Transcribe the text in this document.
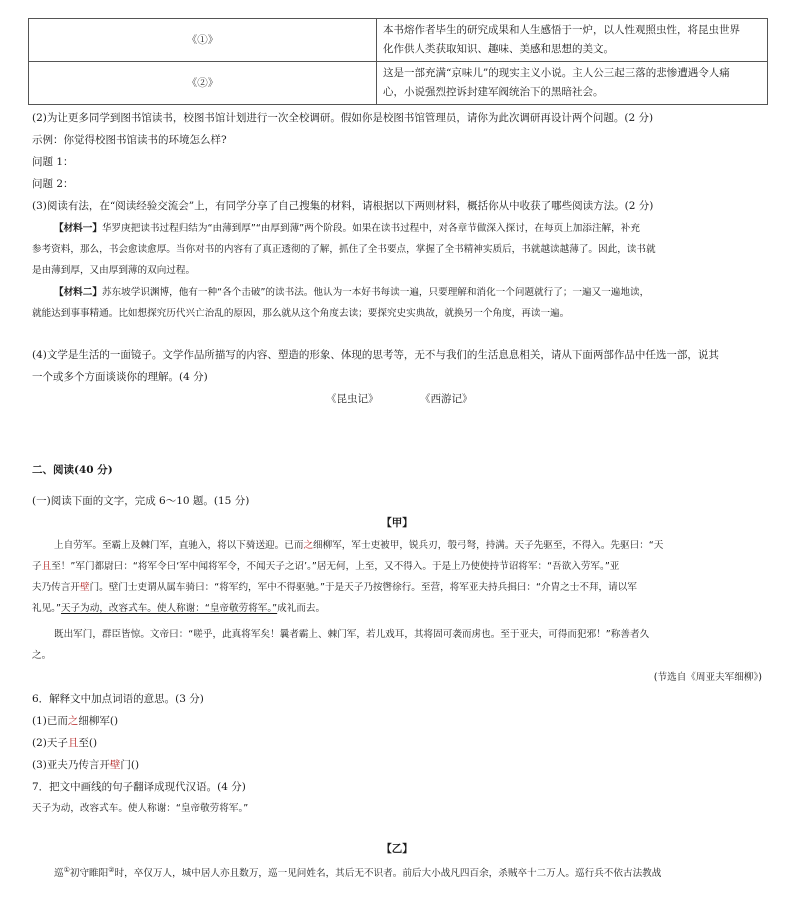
《①》	本书熔作者毕生的研究成果和人生感悟于一炉，以人性观照虫性，将昆虫世界
化作供人类获取知识、趣味、美感和思想的美文。

《②》	这是一部充满“京味儿”的现实主义小说。主人公三起三落的悲惨遭遇令人痛
心，小说强烈控诉封建军阀统治下的黑暗社会。
(2)为让更多同学到图书馆读书，校图书馆计划进行一次全校调研。假如你是校图书馆管理员，请你为此次调研再设计两个问题。(2 分)
示例：你觉得校图书馆读书的环境怎么样?
问题 1：
问题 2：
(3)阅读有法，在“阅读经验交流会”上，有同学分享了自己搜集的材料，请根据以下两则材料，概括你从中收获了哪些阅读方法。(2 分)
【材料一】华罗庚把读书过程归结为“由薄到厚”“由厚到薄”两个阶段。如果在读书过程中，对各章节做深入探讨，在每页上加添注解，补充
参考资料，那么，书会愈读愈厚。当你对书的内容有了真正透彻的了解，抓住了全书要点，掌握了全书精神实质后，书就越读越薄了。因此，读书就
是由薄到厚，又由厚到薄的双向过程。
【材料二】苏东坡学识渊博，他有一种“各个击破”的读书法。他认为一本好书每读一遍，只要理解和消化一个问题就行了；一遍又一遍地读，
就能达到事事精通。比如想探究历代兴亡治乱的原因，那么就从这个角度去读；要探究史实典故，就换另一个角度，再读一遍。
(4)文学是生活的一面镜子。文学作品所描写的内容、塑造的形象、体现的思考等，无不与我们的生活息息相关，请从下面两部作品中任选一部，说其
一个或多个方面谈谈你的理解。(4 分)
《昆虫记》	《西游记》
二、阅读(40 分)
(一)阅读下面的文字，完成 6～10 题。(15 分)
【甲】
上自劳军。至霸上及棘门军，直驰入，将以下骑送迎。已而之细柳军，军士吏被甲，锐兵刃，彀弓弩，持满。天子先驱至，不得入。先驱曰：“天
子且至！”军门都尉曰：“将军令曰‘军中闻将军令，不闻天子之诏’。”居无何，上至，又不得入。于是上乃使使持节诏将军：“吾欲入劳军。”亚
夫乃传言开壁门。壁门士吏谓从属车骑曰：“将军约，军中不得驱驰。”于是天子乃按辔徐行。至营，将军亚夫持兵揖曰：“介胄之士不拜，请以军
礼见。”天子为动，改容式车。使人称谢：“皇帝敬劳将军。”成礼而去。
既出军门，群臣皆惊。文帝曰：“嗟乎，此真将军矣！曩者霸上、棘门军，若儿戏耳，其将固可袭而虏也。至于亚夫，可得而犯邪！”称善者久
之。
(节选自《周亚夫军细柳》)
6．解释文中加点词语的意思。(3 分)
(1)已而之细柳军()
(2)天子且至()
(3)亚夫乃传言开壁门()
7．把文中画线的句子翻译成现代汉语。(4 分)
天子为动，改容式车。使人称谢：“皇帝敬劳将军。”
【乙】
巡①初守睢阳②时，卒仅万人，城中居人亦且数万，巡一见问姓名，其后无不识者。前后大小战凡四百余，杀贼卒十二万人。巡行兵不依古法教战
